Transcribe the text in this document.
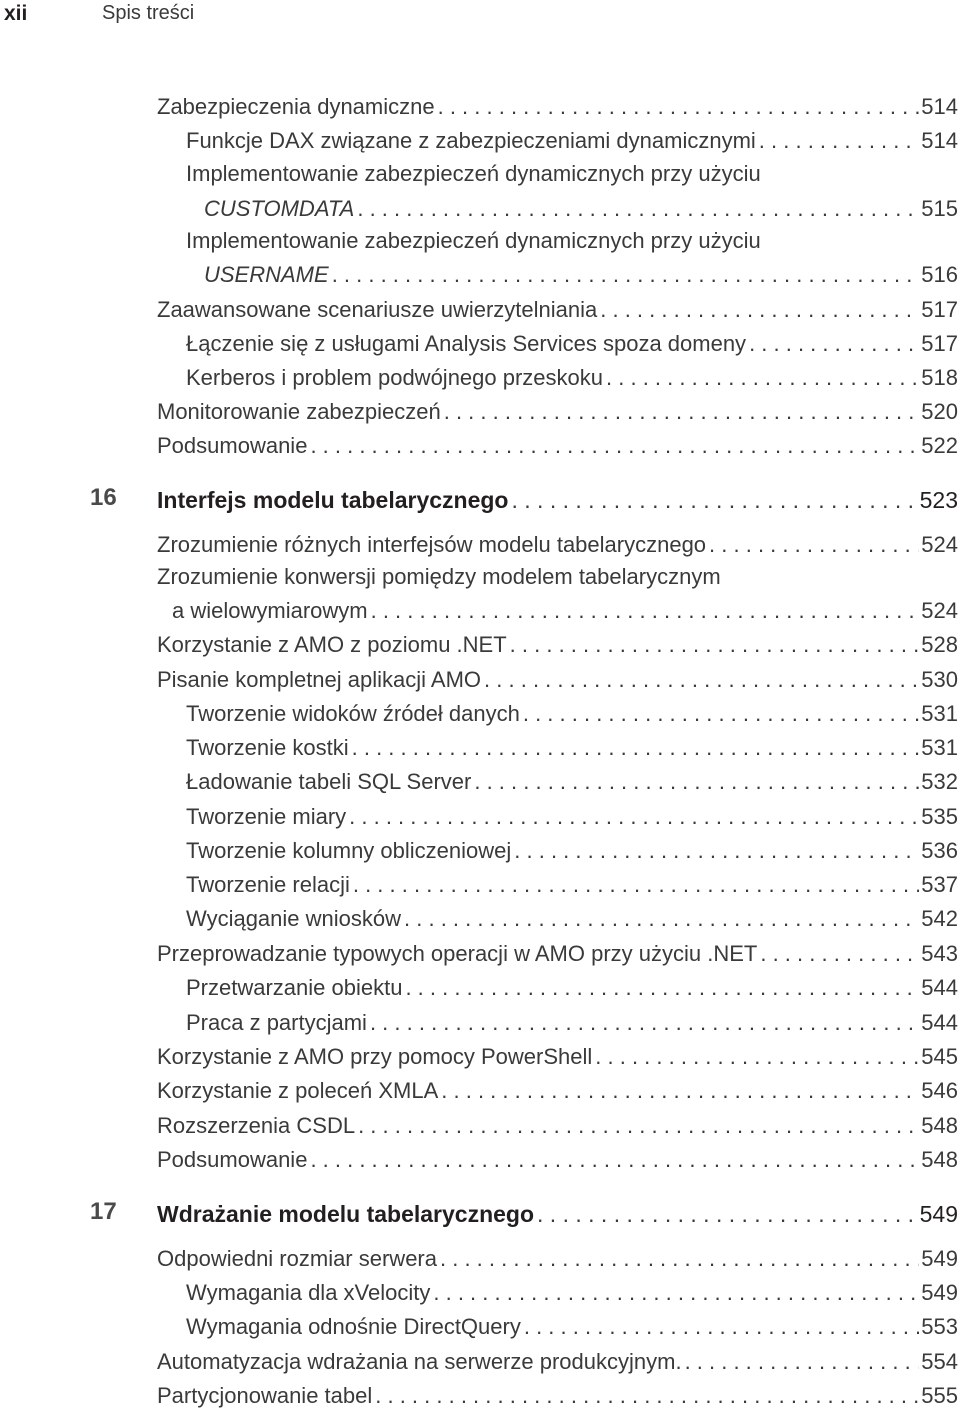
xii	Spis treści
Zabezpieczenia dynamiczne . . .	514
Funkcje DAX związane z zabezpieczeniami dynamicznymi . . .	514
Implementowanie zabezpieczeń dynamicznych przy użyciu
CUSTOMDATA . . .	515
Implementowanie zabezpieczeń dynamicznych przy użyciu
USERNAME . . .	516
Zaawansowane scenariusze uwierzytelniania . . .	517
Łączenie się z usługami Analysis Services spoza domeny . . .	517
Kerberos i problem podwójnego przeskoku . . .	518
Monitorowanie zabezpieczeń . . .	520
Podsumowanie . . .	522
16 Interfejs modelu tabelarycznego . . .	523
Zrozumienie różnych interfejsów modelu tabelarycznego . . .	524
Zrozumienie konwersji pomiędzy modelem tabelarycznym
a wielowymiarowym . . .	524
Korzystanie z AMO z poziomu .NET . . .	528
Pisanie kompletnej aplikacji AMO . . .	530
Tworzenie widoków źródeł danych . . .	531
Tworzenie kostki . . .	531
Ładowanie tabeli SQL Server . . .	532
Tworzenie miary . . .	535
Tworzenie kolumny obliczeniowej . . .	536
Tworzenie relacji . . .	537
Wyciąganie wniosków . . .	542
Przeprowadzanie typowych operacji w AMO przy użyciu .NET . . .	543
Przetwarzanie obiektu . . .	544
Praca z partycjami . . .	544
Korzystanie z AMO przy pomocy PowerShell . . .	545
Korzystanie z poleceń XMLA . . .	546
Rozszerzenia CSDL . . .	548
Podsumowanie . . .	548
17 Wdrażanie modelu tabelarycznego . . .	549
Odpowiedni rozmiar serwera . . .	549
Wymagania dla xVelocity . . .	549
Wymagania odnośnie DirectQuery . . .	553
Automatyzacja wdrażania na serwerze produkcyjnym. . . .	554
Partycjonowanie tabel . . .	555
